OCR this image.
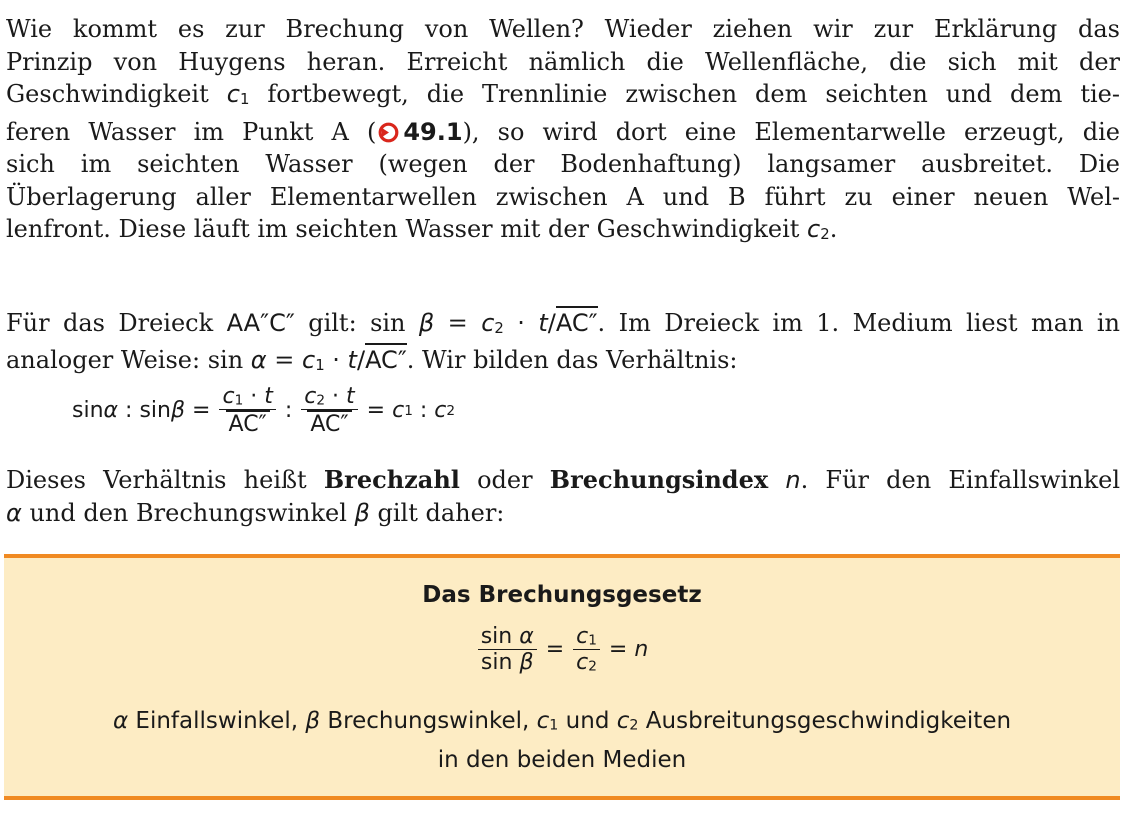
Wie kommt es zur Brechung von Wellen? Wieder ziehen wir zur Erklärung das
Prinzip von Huygens heran. Erreicht nämlich die Wellenfläche, die sich mit der
Geschwindigkeit c1 fortbewegt, die Trennlinie zwischen dem seichten und dem tie-
feren Wasser im Punkt A ( 49.1), so wird dort eine Elementarwelle erzeugt, die
sich im seichten Wasser (wegen der Bodenhaftung) langsamer ausbreitet. Die
Überlagerung aller Elementarwellen zwischen A und B führt zu einer neuen Wel-
lenfront. Diese läuft im seichten Wasser mit der Geschwindigkeit c2.
Für das Dreieck AA″C″ gilt: sin β = c2 · t/AC″. Im Dreieck im 1. Medium liest man in
analoger Weise: sin α = c1 · t/AC″. Wir bilden das Verhältnis:
sin α : $\sin \beta = \frac{c1 \cdot t}{AC''}$ : $\frac{c2 \cdot t}{AC''} = c$ 1 : c 2
Dieses Verhältnis heißt Brechzahl oder Brechungsindex n. Für den Einfallswinkel
α und den Brechungswinkel β gilt daher:
Das Brechungsgesetz
$\frac{\text{sin α}}{\text{sin β}} = \frac{c1}{c2} = n$
α Einfallswinkel, β Brechungswinkel, c1 und c2 Ausbreitungsgeschwindigkeiten
in den beiden Medien
